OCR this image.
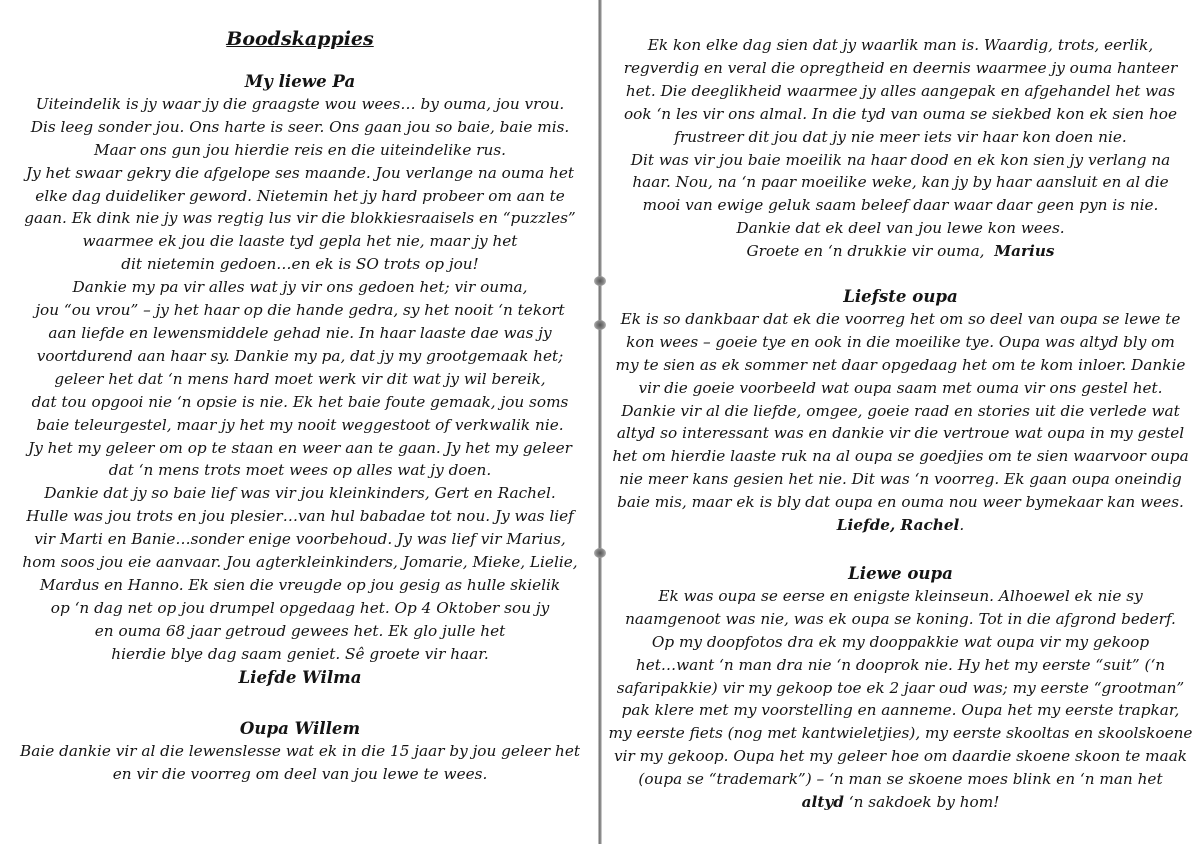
Boodskappies
My liewe Pa
Uiteindelik is jy waar jy die graagste wou wees… by ouma, jou vrou.
Dis leeg sonder jou. Ons harte is seer. Ons gaan jou so baie, baie mis.
Maar ons gun jou hierdie reis en die uiteindelike rus.
Jy het swaar gekry die afgelope ses maande. Jou verlange na ouma het
elke dag duideliker geword. Nietemin het jy hard probeer om aan te
gaan. Ek dink nie jy was regtig lus vir die blokkiesraaisels en “puzzles”
waarmee ek jou die laaste tyd gepla het nie, maar jy het
dit nietemin gedoen…en ek is SO trots op jou!
Dankie my pa vir alles wat jy vir ons gedoen het; vir ouma,
jou “ou vrou” – jy het haar op die hande gedra, sy het nooit ‘n tekort
aan liefde en lewensmiddele gehad nie. In haar laaste dae was jy
voortdurend aan haar sy. Dankie my pa, dat jy my grootgemaak het;
geleer het dat ‘n mens hard moet werk vir dit wat jy wil bereik,
dat tou opgooi nie ‘n opsie is nie. Ek het baie foute gemaak, jou soms
baie teleurgestel, maar jy het my nooit weggestoot of verkwalik nie.
Jy het my geleer om op te staan en weer aan te gaan. Jy het my geleer
dat ‘n mens trots moet wees op alles wat jy doen.
Dankie dat jy so baie lief was vir jou kleinkinders, Gert en Rachel.
Hulle was jou trots en jou plesier…van hul babadae tot nou. Jy was lief
vir Marti en Banie…sonder enige voorbehoud. Jy was lief vir Marius,
hom soos jou eie aanvaar. Jou agterkleinkinders, Jomarie, Mieke, Lielie,
Mardus en Hanno. Ek sien die vreugde op jou gesig as hulle skielik
op ‘n dag net op jou drumpel opgedaag het. Op 4 Oktober sou jy
en ouma 68 jaar getroud gewees het. Ek glo julle het
hierdie blye dag saam geniet. Sê groete vir haar.
Liefde Wilma
Oupa Willem
Baie dankie vir al die lewenslesse wat ek in die 15 jaar by jou geleer het
en vir die voorreg om deel van jou lewe te wees.
Ek kon elke dag sien dat jy waarlik man is. Waardig, trots, eerlik,
regverdig en veral die opregtheid en deernis waarmee jy ouma hanteer
het. Die deeglikheid waarmee jy alles aangepak en afgehandel het was
ook ‘n les vir ons almal. In die tyd van ouma se siekbed kon ek sien hoe
frustreer dit jou dat jy nie meer iets vir haar kon doen nie.
Dit was vir jou baie moeilik na haar dood en ek kon sien jy verlang na
haar. Nou, na ‘n paar moeilike weke, kan jy by haar aansluit en al die
mooi van ewige geluk saam beleef daar waar daar geen pyn is nie.
Dankie dat ek deel van jou lewe kon wees.
Groete en ‘n drukkie vir ouma, Marius
Liefste oupa
Ek is so dankbaar dat ek die voorreg het om so deel van oupa se lewe te
kon wees – goeie tye en ook in die moeilike tye. Oupa was altyd bly om
my te sien as ek sommer net daar opgedaag het om te kom inloer. Dankie
vir die goeie voorbeeld wat oupa saam met ouma vir ons gestel het.
Dankie vir al die liefde, omgee, goeie raad en stories uit die verlede wat
altyd so interessant was en dankie vir die vertroue wat oupa in my gestel
het om hierdie laaste ruk na al oupa se goedjies om te sien waarvoor oupa
nie meer kans gesien het nie. Dit was ‘n voorreg. Ek gaan oupa oneindig
baie mis, maar ek is bly dat oupa en ouma nou weer bymekaar kan wees.
Liefde, Rachel.
Liewe oupa
Ek was oupa se eerse en enigste kleinseun. Alhoewel ek nie sy
naamgenoot was nie, was ek oupa se koning. Tot in die afgrond bederf.
Op my doopfotos dra ek my dooppakkie wat oupa vir my gekoop
het…want ‘n man dra nie ‘n dooprok nie. Hy het my eerste “suit” (‘n
safaripakkie) vir my gekoop toe ek 2 jaar oud was; my eerste “grootman”
pak klere met my voorstelling en aanneme. Oupa het my eerste trapkar,
my eerste fiets (nog met kantwieletjies), my eerste skooltas en skoolskoene
vir my gekoop. Oupa het my geleer hoe om daardie skoene skoon te maak
(oupa se “trademark”) – ‘n man se skoene moes blink en ‘n man het
altyd ‘n sakdoek by hom!
